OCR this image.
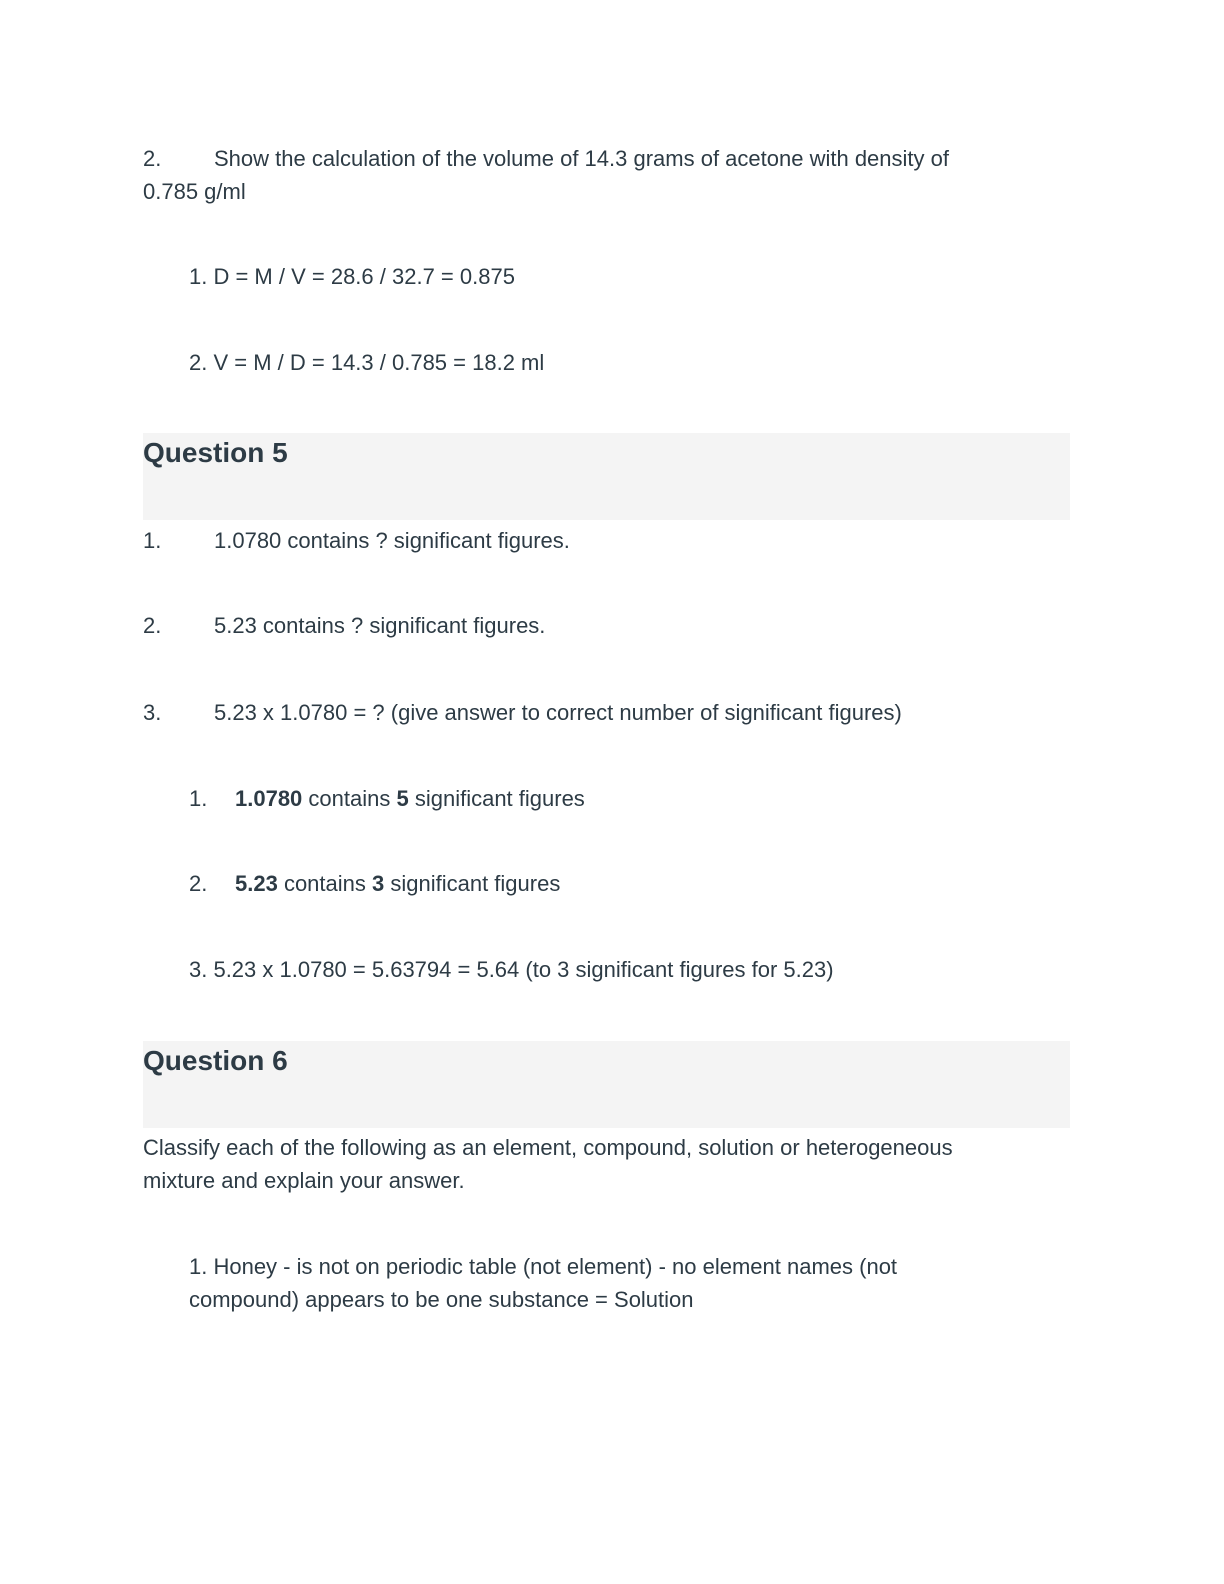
2. Show the calculation of the volume of 14.3 grams of acetone with density of
0.785 g/ml
1. D = M / V = 28.6 / 32.7 = 0.875
2. V = M / D = 14.3 / 0.785 = 18.2 ml
Question 5
1. 1.0780 contains ? significant figures.
2. 5.23 contains ? significant figures.
3. 5.23 x 1.0780 = ? (give answer to correct number of significant figures)
1. 1.0780 contains 5 significant figures
2. 5.23 contains 3 significant figures
3. 5.23 x 1.0780 = 5.63794 = 5.64 (to 3 significant figures for 5.23)
Question 6
Classify each of the following as an element, compound, solution or heterogeneous
mixture and explain your answer.
1. Honey - is not on periodic table (not element) - no element names (not
compound) appears to be one substance = Solution
